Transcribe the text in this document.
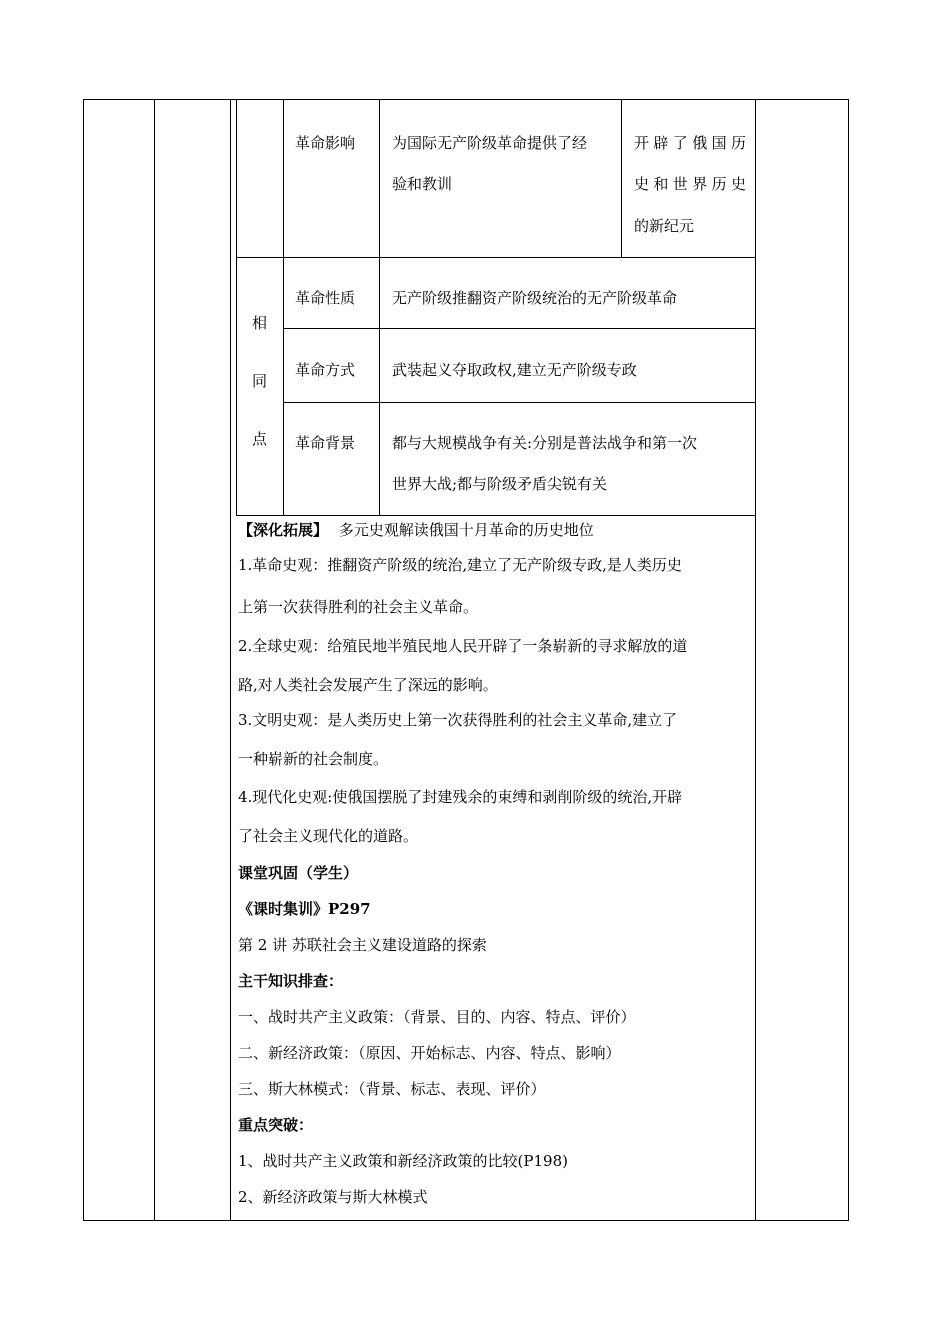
革命影响 为国际无产阶级革命提供了经
验和教训
开辟了俄国历
史和世界历史
的新纪元
相
同
点
革命性质 无产阶级推翻资产阶级统治的无产阶级革命
革命方式 武装起义夺取政权,建立无产阶级专政
革命背景 都与大规模战争有关:分别是普法战争和第一次
世界大战;都与阶级矛盾尖锐有关
【深化拓展】 多元史观解读俄国十月革命的历史地位
1.革命史观：推翻资产阶级的统治,建立了无产阶级专政,是人类历史
上第一次获得胜利的社会主义革命。
2.全球史观：给殖民地半殖民地人民开辟了一条崭新的寻求解放的道
路,对人类社会发展产生了深远的影响。
3.文明史观：是人类历史上第一次获得胜利的社会主义革命,建立了
一种崭新的社会制度。
4.现代化史观:使俄国摆脱了封建残余的束缚和剥削阶级的统治,开辟
了社会主义现代化的道路。
课堂巩固（学生）
《课时集训》P297
第 2 讲 苏联社会主义建设道路的探索
主干知识排查：
一、战时共产主义政策：（背景、目的、内容、特点、评价）
二、新经济政策：（原因、开始标志、内容、特点、影响）
三、斯大林模式：（背景、标志、表现、评价）
重点突破：
1、战时共产主义政策和新经济政策的比较(P198)
2、新经济政策与斯大林模式
